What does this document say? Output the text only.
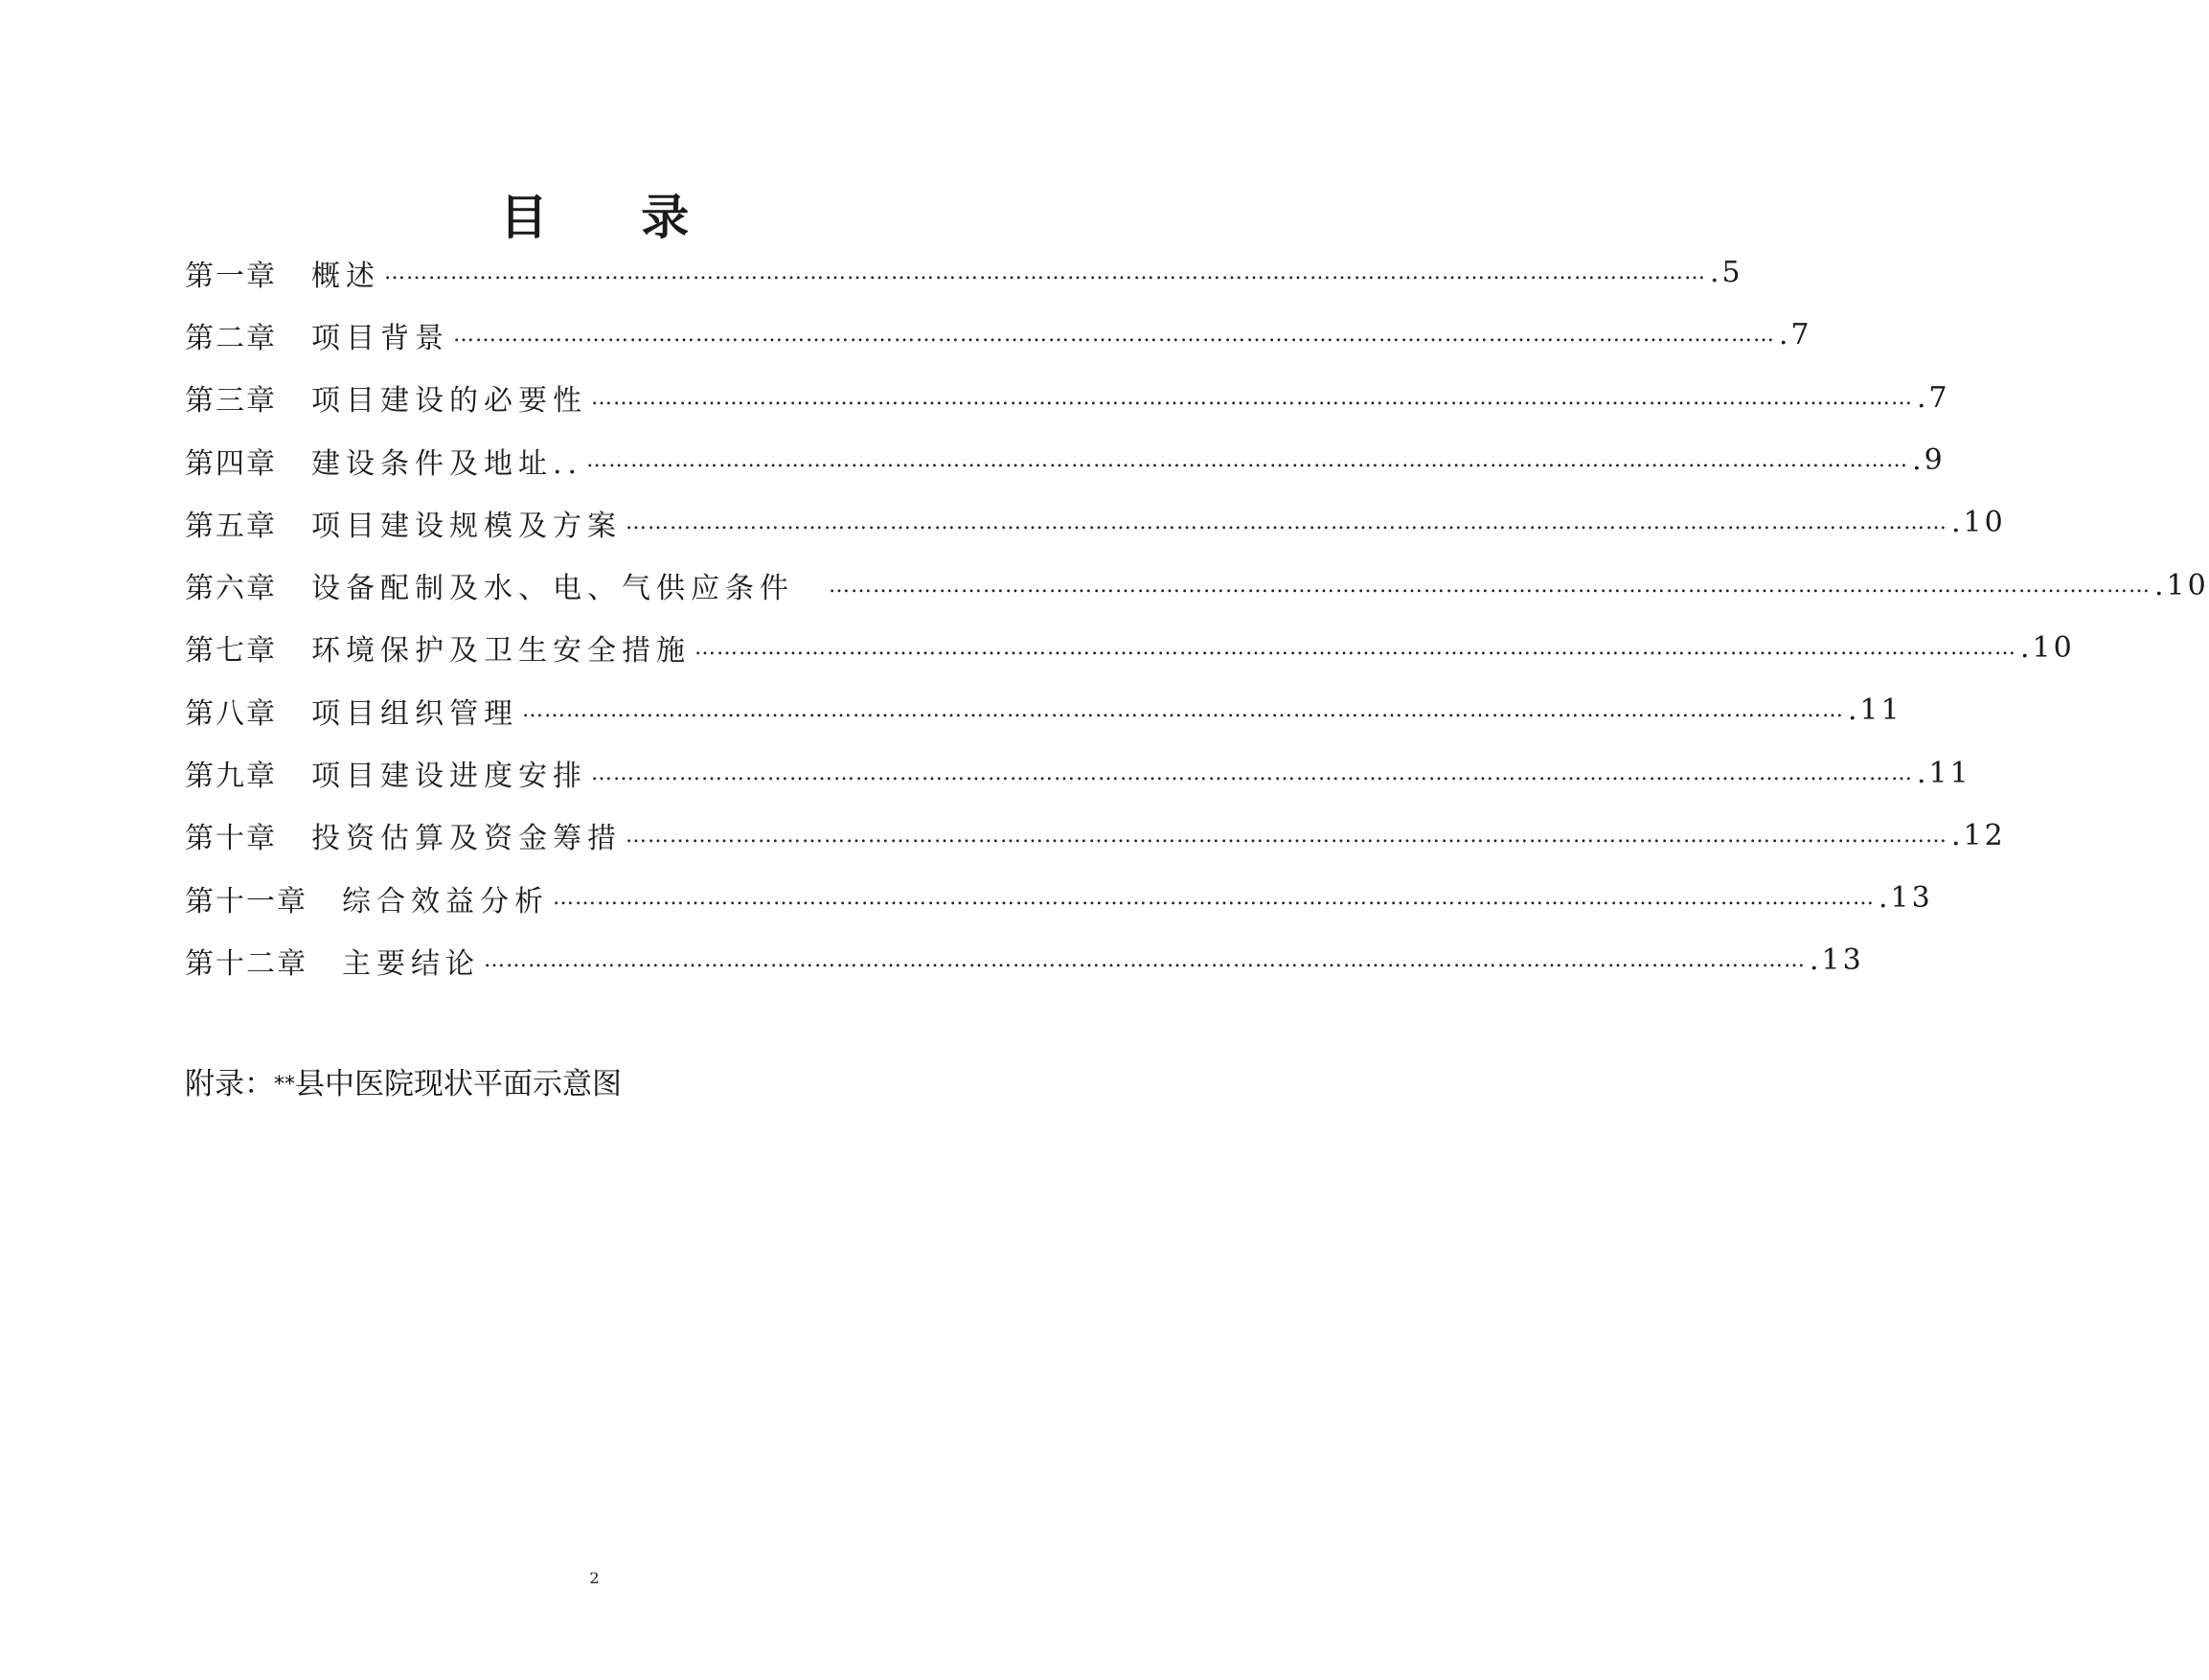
目 录
第一章 概述 ……………………………………………………………………………………………………………………………………………………………… .5
第二章 项目背景 ……………………………………………………………………………………………………………………………………………………………… .7
第三章 项目建设的必要性 ……………………………………………………………………………………………………………………………………………………………… .7
第四章 建设条件及地址.. ……………………………………………………………………………………………………………………………………………………………… .9
第五章 项目建设规模及方案 ……………………………………………………………………………………………………………………………………………………………… .10
第六章 设备配制及水、电、气供应条件 ……………………………………………………………………………………………………………………………………………………………… .10
第七章 环境保护及卫生安全措施 ……………………………………………………………………………………………………………………………………………………………… .10
第八章 项目组织管理 ……………………………………………………………………………………………………………………………………………………………… .11
第九章 项目建设进度安排 ……………………………………………………………………………………………………………………………………………………………… .11
第十章 投资估算及资金筹措 ……………………………………………………………………………………………………………………………………………………………… .12
第十一章 综合效益分析 ……………………………………………………………………………………………………………………………………………………………… .13
第十二章 主要结论 ……………………………………………………………………………………………………………………………………………………………… .13
附录：**县中医院现状平面示意图
2
